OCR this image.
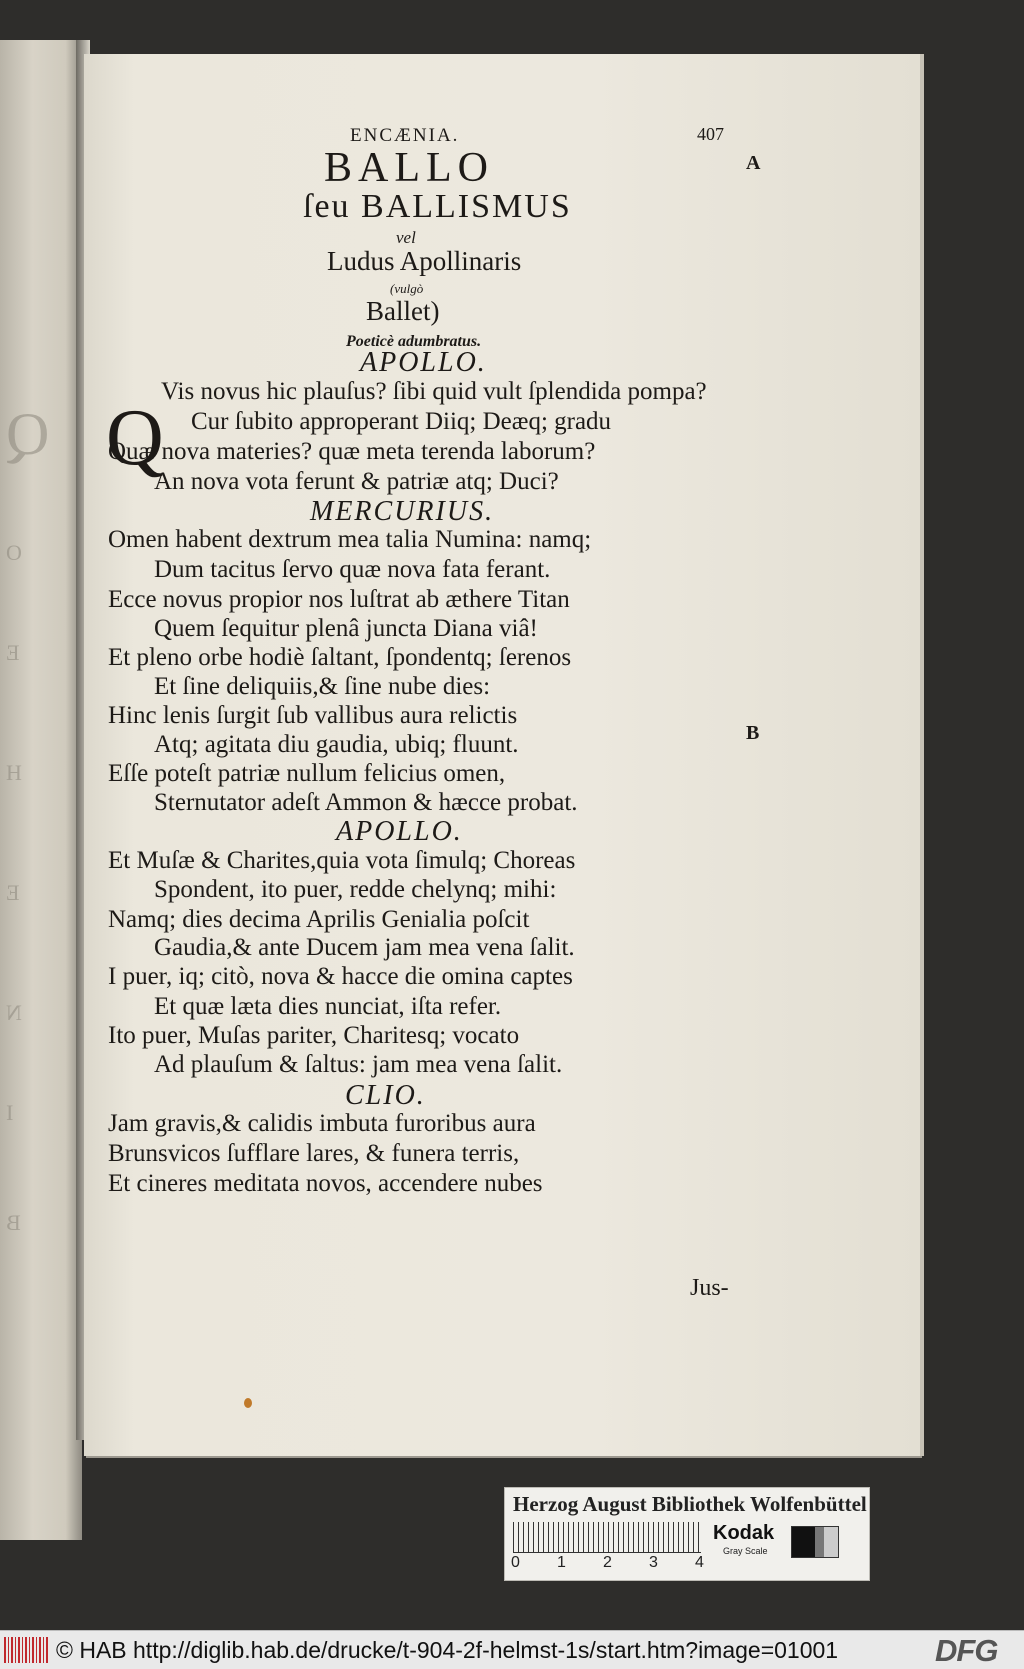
Q
O
E
H
E
N
I
B
ENCÆNIA.	407
A
B
BALLO
ſeu BALLISMUS
vel
Ludus Apollinaris
(vulgò
Ballet)
Poeticè adumbratus.
Q
APOLLO.
Vis novus hic plauſus? ſibi quid vult ſplendida pompa?
Cur ſubito approperant Diiq; Deæq; gradu
Quæ nova materies? quæ meta terenda laborum?
An nova vota ferunt & patriæ atq; Duci?
MERCURIUS.
Omen habent dextrum mea talia Numina: namq;
Dum tacitus ſervo quæ nova fata ferant.
Ecce novus propior nos luſtrat ab æthere Titan
Quem ſequitur plenâ juncta Diana viâ!
Et pleno orbe hodiè ſaltant, ſpondentq; ſerenos
Et ſine deliquiis,& ſine nube dies:
Hinc lenis ſurgit ſub vallibus aura relictis
Atq; agitata diu gaudia, ubiq; fluunt.
Eſſe poteſt patriæ nullum felicius omen,
Sternutator adeſt Ammon & hæcce probat.
APOLLO.
Et Muſæ & Charites,quia vota ſimulq; Choreas
Spondent, ito puer, redde chelynq; mihi:
Namq; dies decima Aprilis Genialia poſcit
Gaudia,& ante Ducem jam mea vena ſalit.
I puer, iq; citò, nova & hacce die omina captes
Et quæ læta dies nunciat, iſta refer.
Ito puer, Muſas pariter, Charitesq; vocato
Ad plauſum & ſaltus: jam mea vena ſalit.
CLIO.
Jam gravis,& calidis imbuta furoribus aura
Brunsvicos ſufflare lares, & funera terris,
Et cineres meditata novos, accendere nubes
Jus-
Herzog August Bibliothek Wolfenbüttel
0 1 2 3 4
Kodak
Gray Scale
© HAB http://diglib.hab.de/drucke/t-904-2f-helmst-1s/start.htm?image=01001	DFG
